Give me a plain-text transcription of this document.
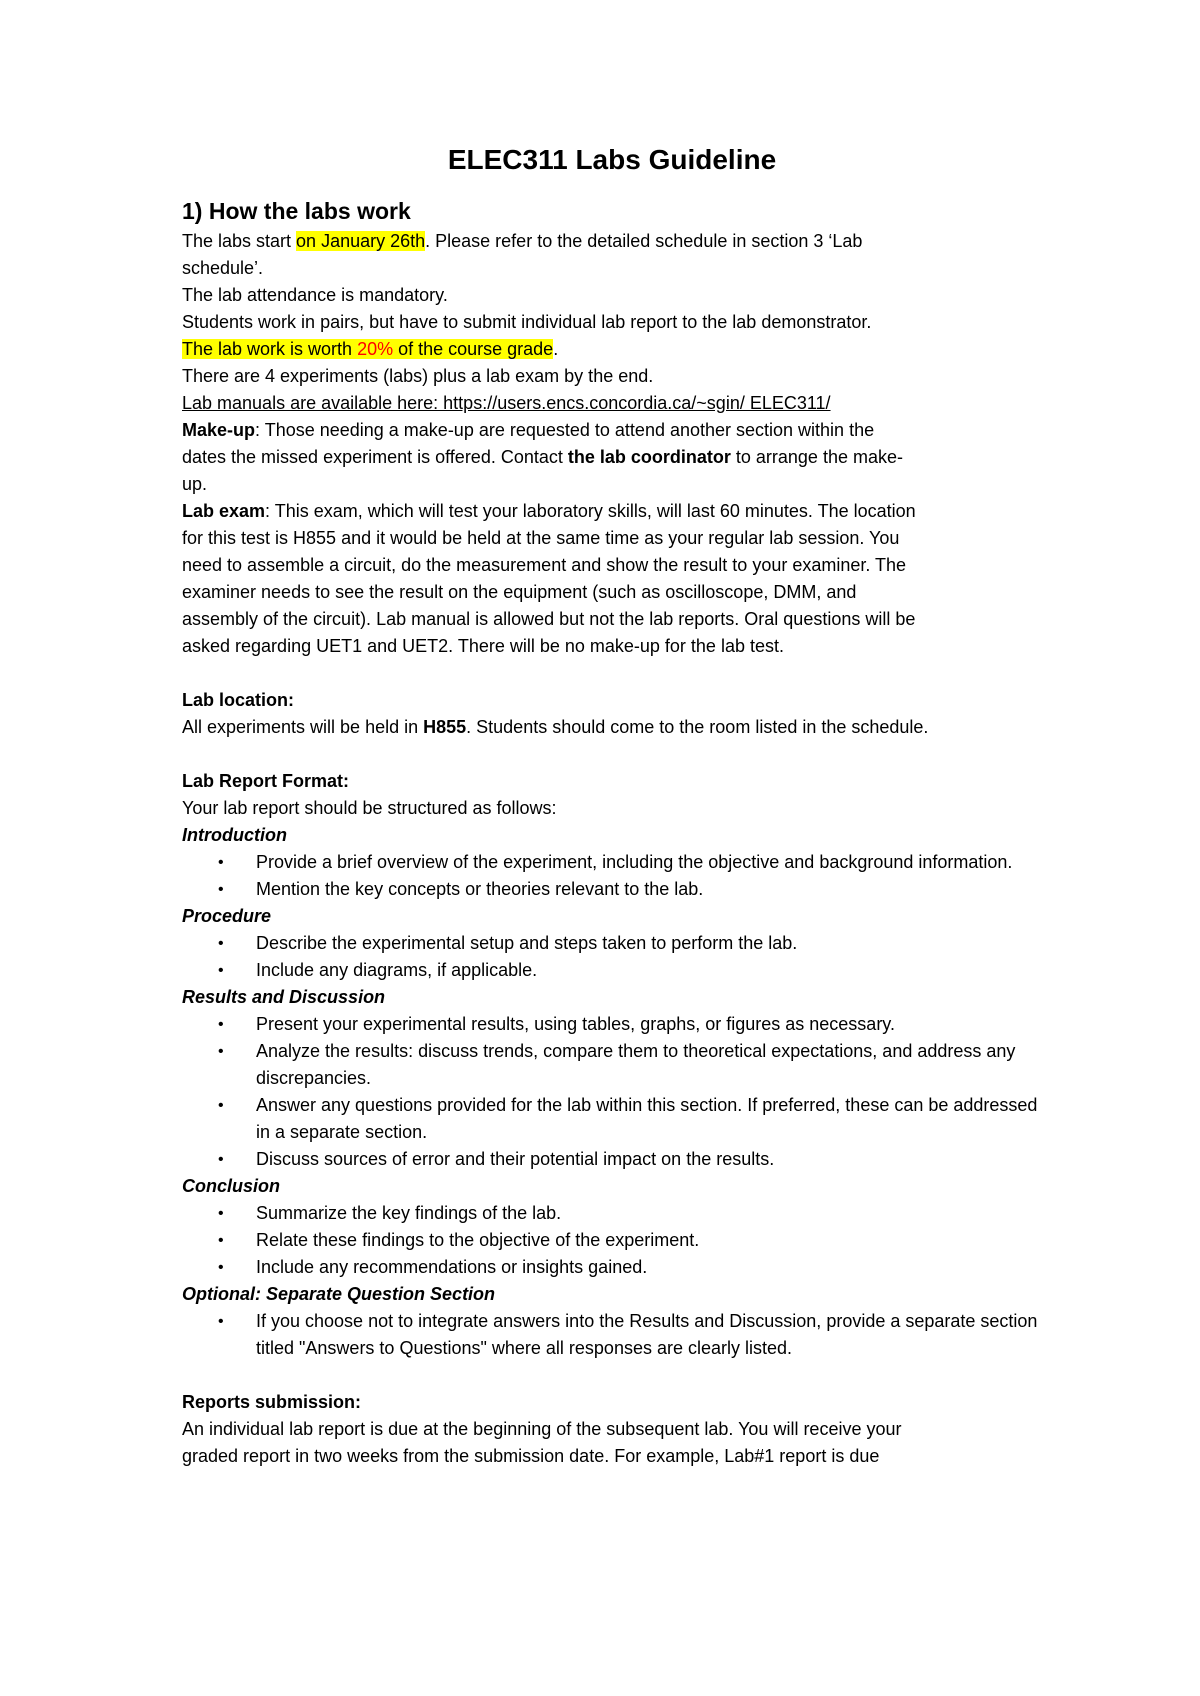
ELEC311 Labs Guideline
1) How the labs work

The labs start on January 26th. Please refer to the detailed schedule in section 3 ‘Lab

schedule’.

The lab attendance is mandatory.

Students work in pairs, but have to submit individual lab report to the lab demonstrator.

The lab work is worth 20% of the course grade.

There are 4 experiments (labs) plus a lab exam by the end.

Lab manuals are available here: https://users.encs.concordia.ca/~sgin/ ELEC311/

Make-up: Those needing a make-up are requested to attend another section within the

dates the missed experiment is offered. Contact the lab coordinator to arrange the make-

up.

Lab exam: This exam, which will test your laboratory skills, will last 60 minutes. The location

for this test is H855 and it would be held at the same time as your regular lab session. You

need to assemble a circuit, do the measurement and show the result to your examiner. The

examiner needs to see the result on the equipment (such as oscilloscope, DMM, and

assembly of the circuit). Lab manual is allowed but not the lab reports. Oral questions will be

asked regarding UET1 and UET2. There will be no make-up for the lab test.

Lab location:

All experiments will be held in H855. Students should come to the room listed in the schedule.

Lab Report Format:

Your lab report should be structured as follows:

Introduction

• Provide a brief overview of the experiment, including the objective and background information.
• Mention the key concepts or theories relevant to the lab.

Procedure

• Describe the experimental setup and steps taken to perform the lab.
• Include any diagrams, if applicable.

Results and Discussion

• Present your experimental results, using tables, graphs, or figures as necessary.
• Analyze the results: discuss trends, compare them to theoretical expectations, and address any discrepancies.
• Answer any questions provided for the lab within this section. If preferred, these can be addressed in a separate section.
• Discuss sources of error and their potential impact on the results.

Conclusion

• Summarize the key findings of the lab.
• Relate these findings to the objective of the experiment.
• Include any recommendations or insights gained.

Optional: Separate Question Section

• If you choose not to integrate answers into the Results and Discussion, provide a separate section titled "Answers to Questions" where all responses are clearly listed.

Reports submission:

An individual lab report is due at the beginning of the subsequent lab. You will receive your

graded report in two weeks from the submission date. For example, Lab#1 report is due
